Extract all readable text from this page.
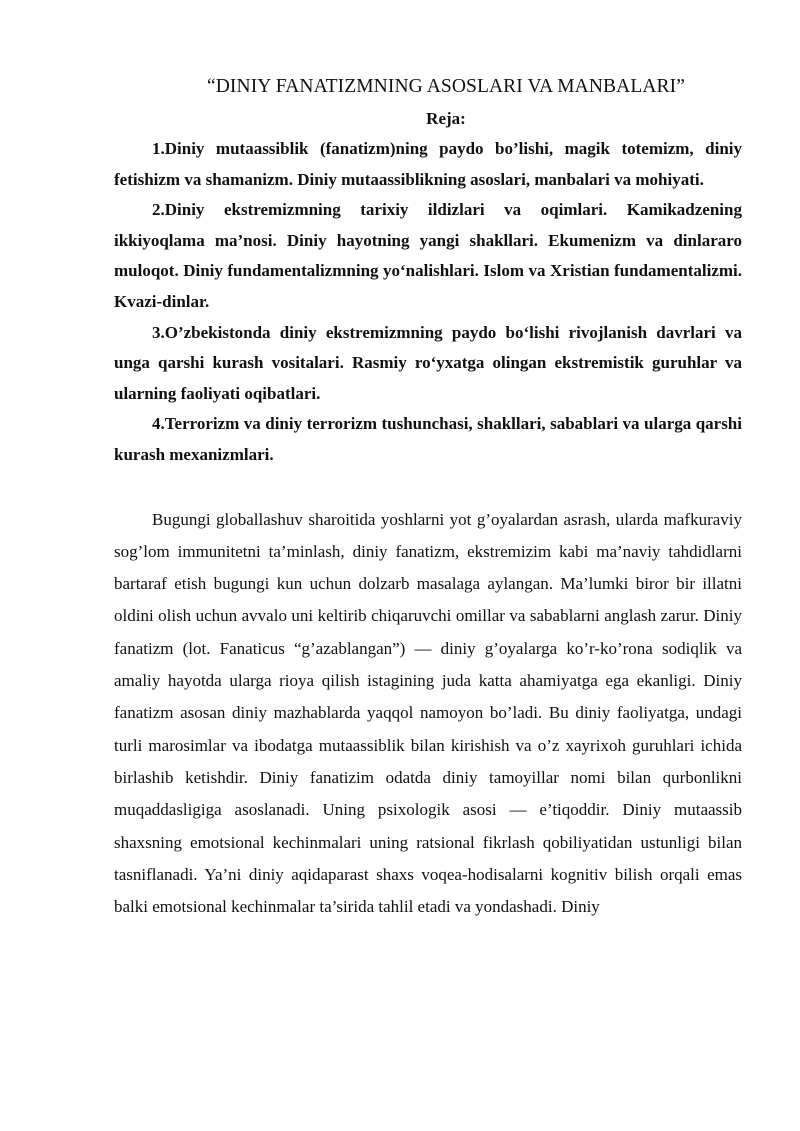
“DINIY FANATIZMNING ASOSLARI VA MANBALARI”

Reja:

1.Diniy mutaassiblik (fanatizm)ning paydo bo’lishi, magik totemizm, diniy fetishizm va shamanizm. Diniy mutaassiblikning asoslari, manbalari va mohiyati.

2.Diniy ekstremizmning tarixiy ildizlari va oqimlari. Kamikadzening ikkiyoqlama ma’nosi. Diniy hayotning yangi shakllari. Ekumenizm va dinlararo muloqot. Diniy fundamentalizmning yo‘nalishlari. Islom va Xristian fundamentalizmi. Kvazi-dinlar.

3.O’zbekistonda diniy ekstremizmning paydo bo‘lishi rivojlanish davrlari va unga qarshi kurash vositalari. Rasmiy ro‘yxatga olingan ekstremistik guruhlar va ularning faoliyati oqibatlari.

4.Terrorizm va diniy terrorizm tushunchasi, shakllari, sabablari va ularga qarshi kurash mexanizmlari.

Bugungi globallashuv sharoitida yoshlarni yot g’oyalardan asrash, ularda mafkuraviy sog’lom immunitetni ta’minlash, diniy fanatizm, ekstremizim kabi ma’naviy tahdidlarni bartaraf etish bugungi kun uchun dolzarb masalaga aylangan. Ma’lumki biror bir illatni oldini olish uchun avvalo uni keltirib chiqaruvchi omillar va sabablarni anglash zarur. Diniy fanatizm (lot. Fanaticus “g’azablangan”) — diniy g’oyalarga ko’r-ko’rona sodiqlik va amaliy hayotda ularga rioya qilish istagining juda katta ahamiyatga ega ekanligi. Diniy fanatizm asosan diniy mazhablarda yaqqol namoyon bo’ladi. Bu diniy faoliyatga, undagi turli marosimlar va ibodatga mutaassiblik bilan kirishish va o’z xayrixoh guruhlari ichida birlashib ketishdir. Diniy fanatizim odatda diniy tamoyillar nomi bilan qurbonlikni muqaddasligiga asoslanadi. Uning psixologik asosi — e’tiqoddir. Diniy mutaassib shaxsning emotsional kechinmalari uning ratsional fikrlash qobiliyatidan ustunligi bilan tasniflanadi. Ya’ni diniy aqidaparast shaxs voqea-hodisalarni kognitiv bilish orqali emas balki emotsional kechinmalar ta’sirida tahlil etadi va yondashadi. Diniy
